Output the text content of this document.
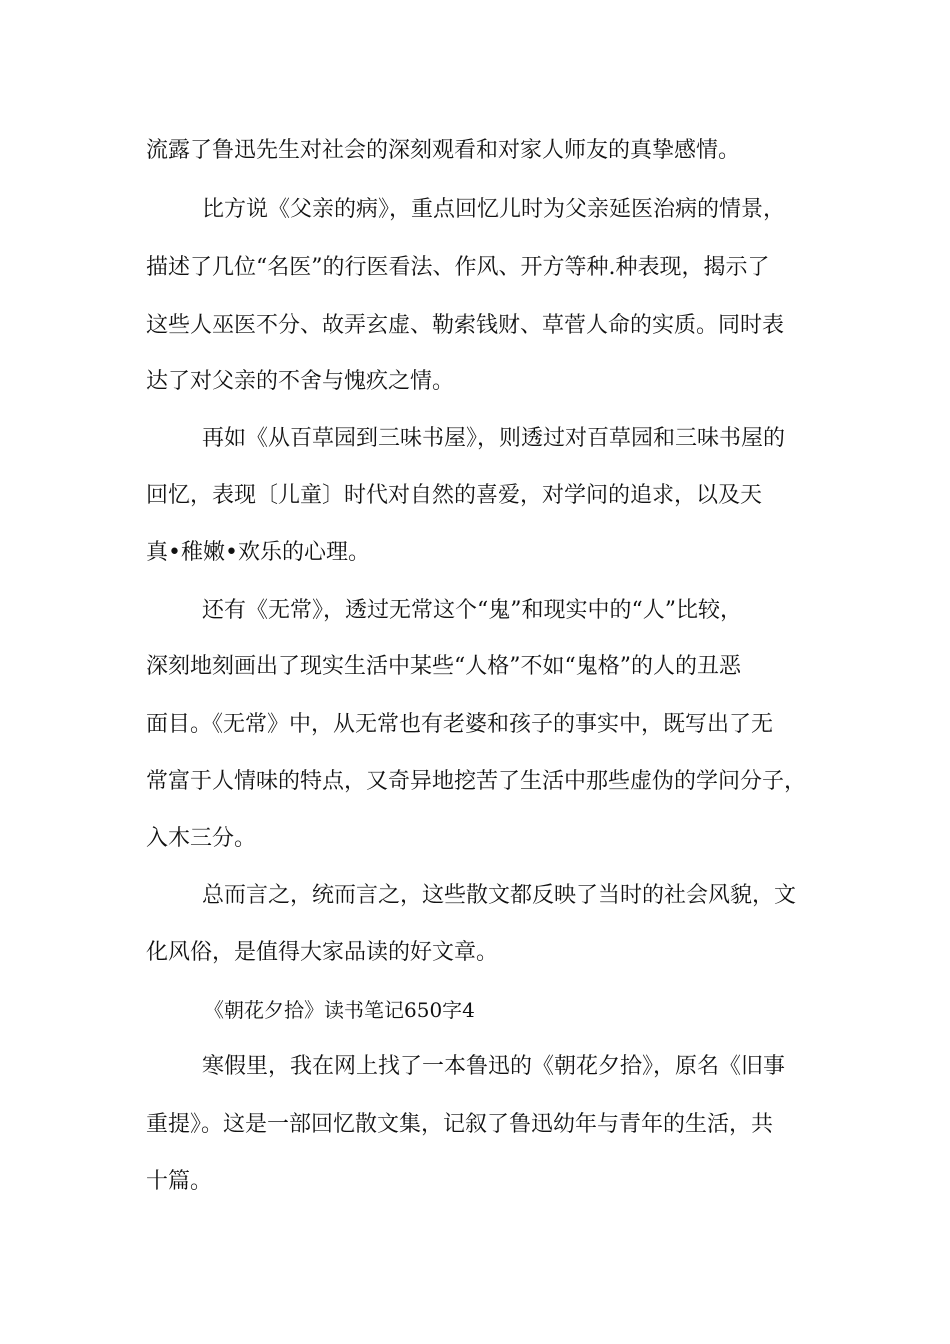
流露了鲁迅先生对社会的深刻观看和对家人师友的真挚感情。
比方说《父亲的病》，重点回忆儿时为父亲延医治病的情景，
描述了几位“名医”的行医看法、作风、开方等种.种表现，揭示了
这些人巫医不分、故弄玄虚、勒索钱财、草菅人命的实质。同时表
达了对父亲的不舍与愧疚之情。
再如《从百草园到三味书屋》，则透过对百草园和三味书屋的
回忆，表现〔儿童〕时代对自然的喜爱，对学问的追求，以及天
真•稚嫩•欢乐的心理。
还有《无常》，透过无常这个“鬼”和现实中的“人”比较，
深刻地刻画出了现实生活中某些“人格”不如“鬼格”的人的丑恶
面目。《无常》中，从无常也有老婆和孩子的事实中，既写出了无
常富于人情味的特点，又奇异地挖苦了生活中那些虚伪的学问分子，
入木三分。
总而言之，统而言之，这些散文都反映了当时的社会风貌，文
化风俗，是值得大家品读的好文章。
《朝花夕拾》读书笔记650字4
寒假里，我在网上找了一本鲁迅的《朝花夕拾》，原名《旧事
重提》。这是一部回忆散文集，记叙了鲁迅幼年与青年的生活，共
十篇。
